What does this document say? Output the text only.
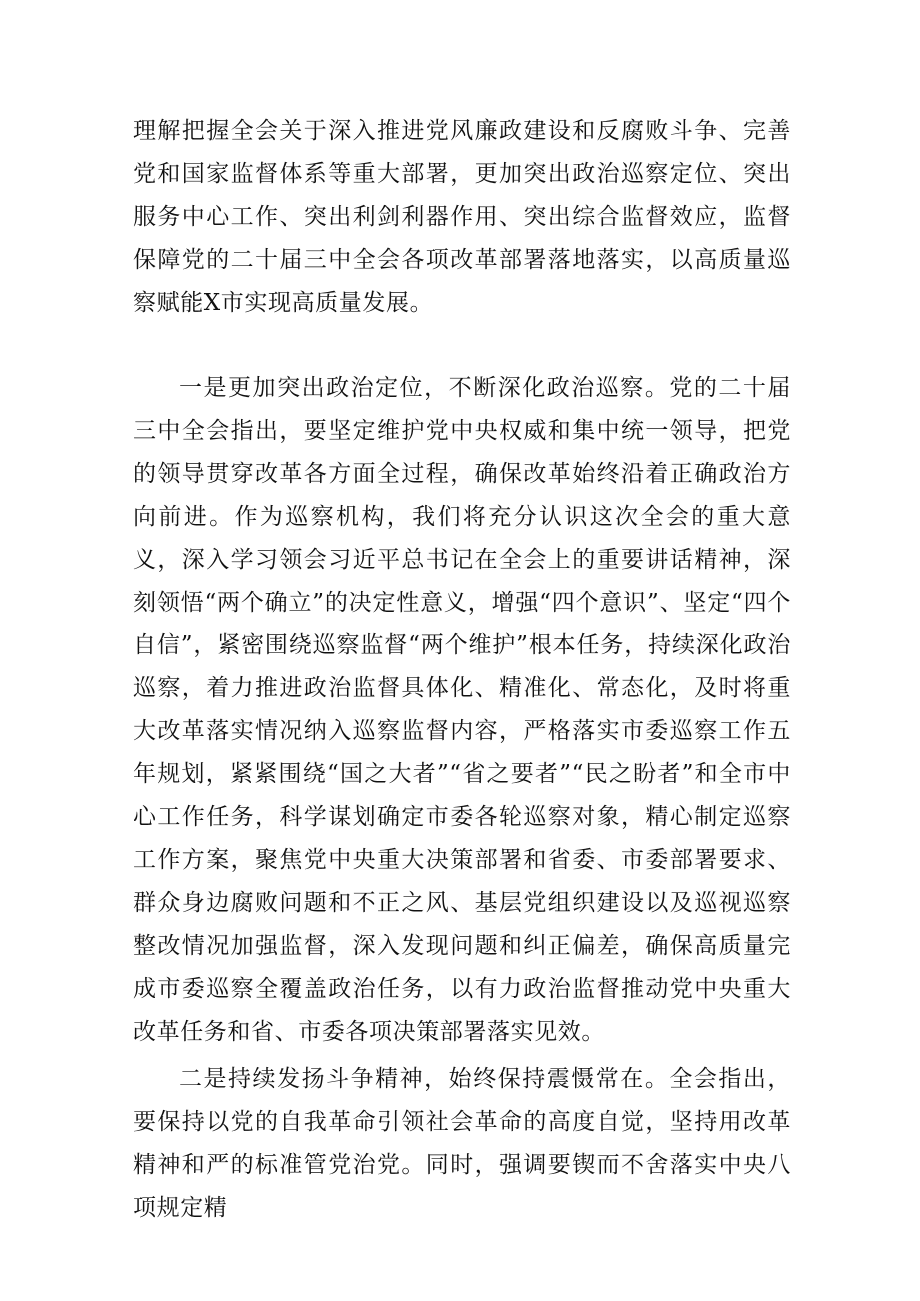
理解把握全会关于深入推进党风廉政建设和反腐败斗争、完善党和国家监督体系等重大部署，更加突出政治巡察定位、突出服务中心工作、突出利剑利器作用、突出综合监督效应，监督保障党的二十届三中全会各项改革部署落地落实，以高质量巡察赋能X市实现高质量发展。

一是更加突出政治定位，不断深化政治巡察。党的二十届三中全会指出，要坚定维护党中央权威和集中统一领导，把党的领导贯穿改革各方面全过程，确保改革始终沿着正确政治方向前进。作为巡察机构，我们将充分认识这次全会的重大意义，深入学习领会习近平总书记在全会上的重要讲话精神，深刻领悟“两个确立”的决定性意义，增强“四个意识”、坚定“四个自信”，紧密围绕巡察监督“两个维护”根本任务，持续深化政治巡察，着力推进政治监督具体化、精准化、常态化，及时将重大改革落实情况纳入巡察监督内容，严格落实市委巡察工作五年规划，紧紧围绕“国之大者”“省之要者”“民之盼者”和全市中心工作任务，科学谋划确定市委各轮巡察对象，精心制定巡察工作方案，聚焦党中央重大决策部署和省委、市委部署要求、群众身边腐败问题和不正之风、基层党组织建设以及巡视巡察整改情况加强监督，深入发现问题和纠正偏差，确保高质量完成市委巡察全覆盖政治任务，以有力政治监督推动党中央重大改革任务和省、市委各项决策部署落实见效。

二是持续发扬斗争精神，始终保持震慑常在。全会指出，要保持以党的自我革命引领社会革命的高度自觉，坚持用改革精神和严的标准管党治党。同时，强调要锲而不舍落实中央八项规定精
